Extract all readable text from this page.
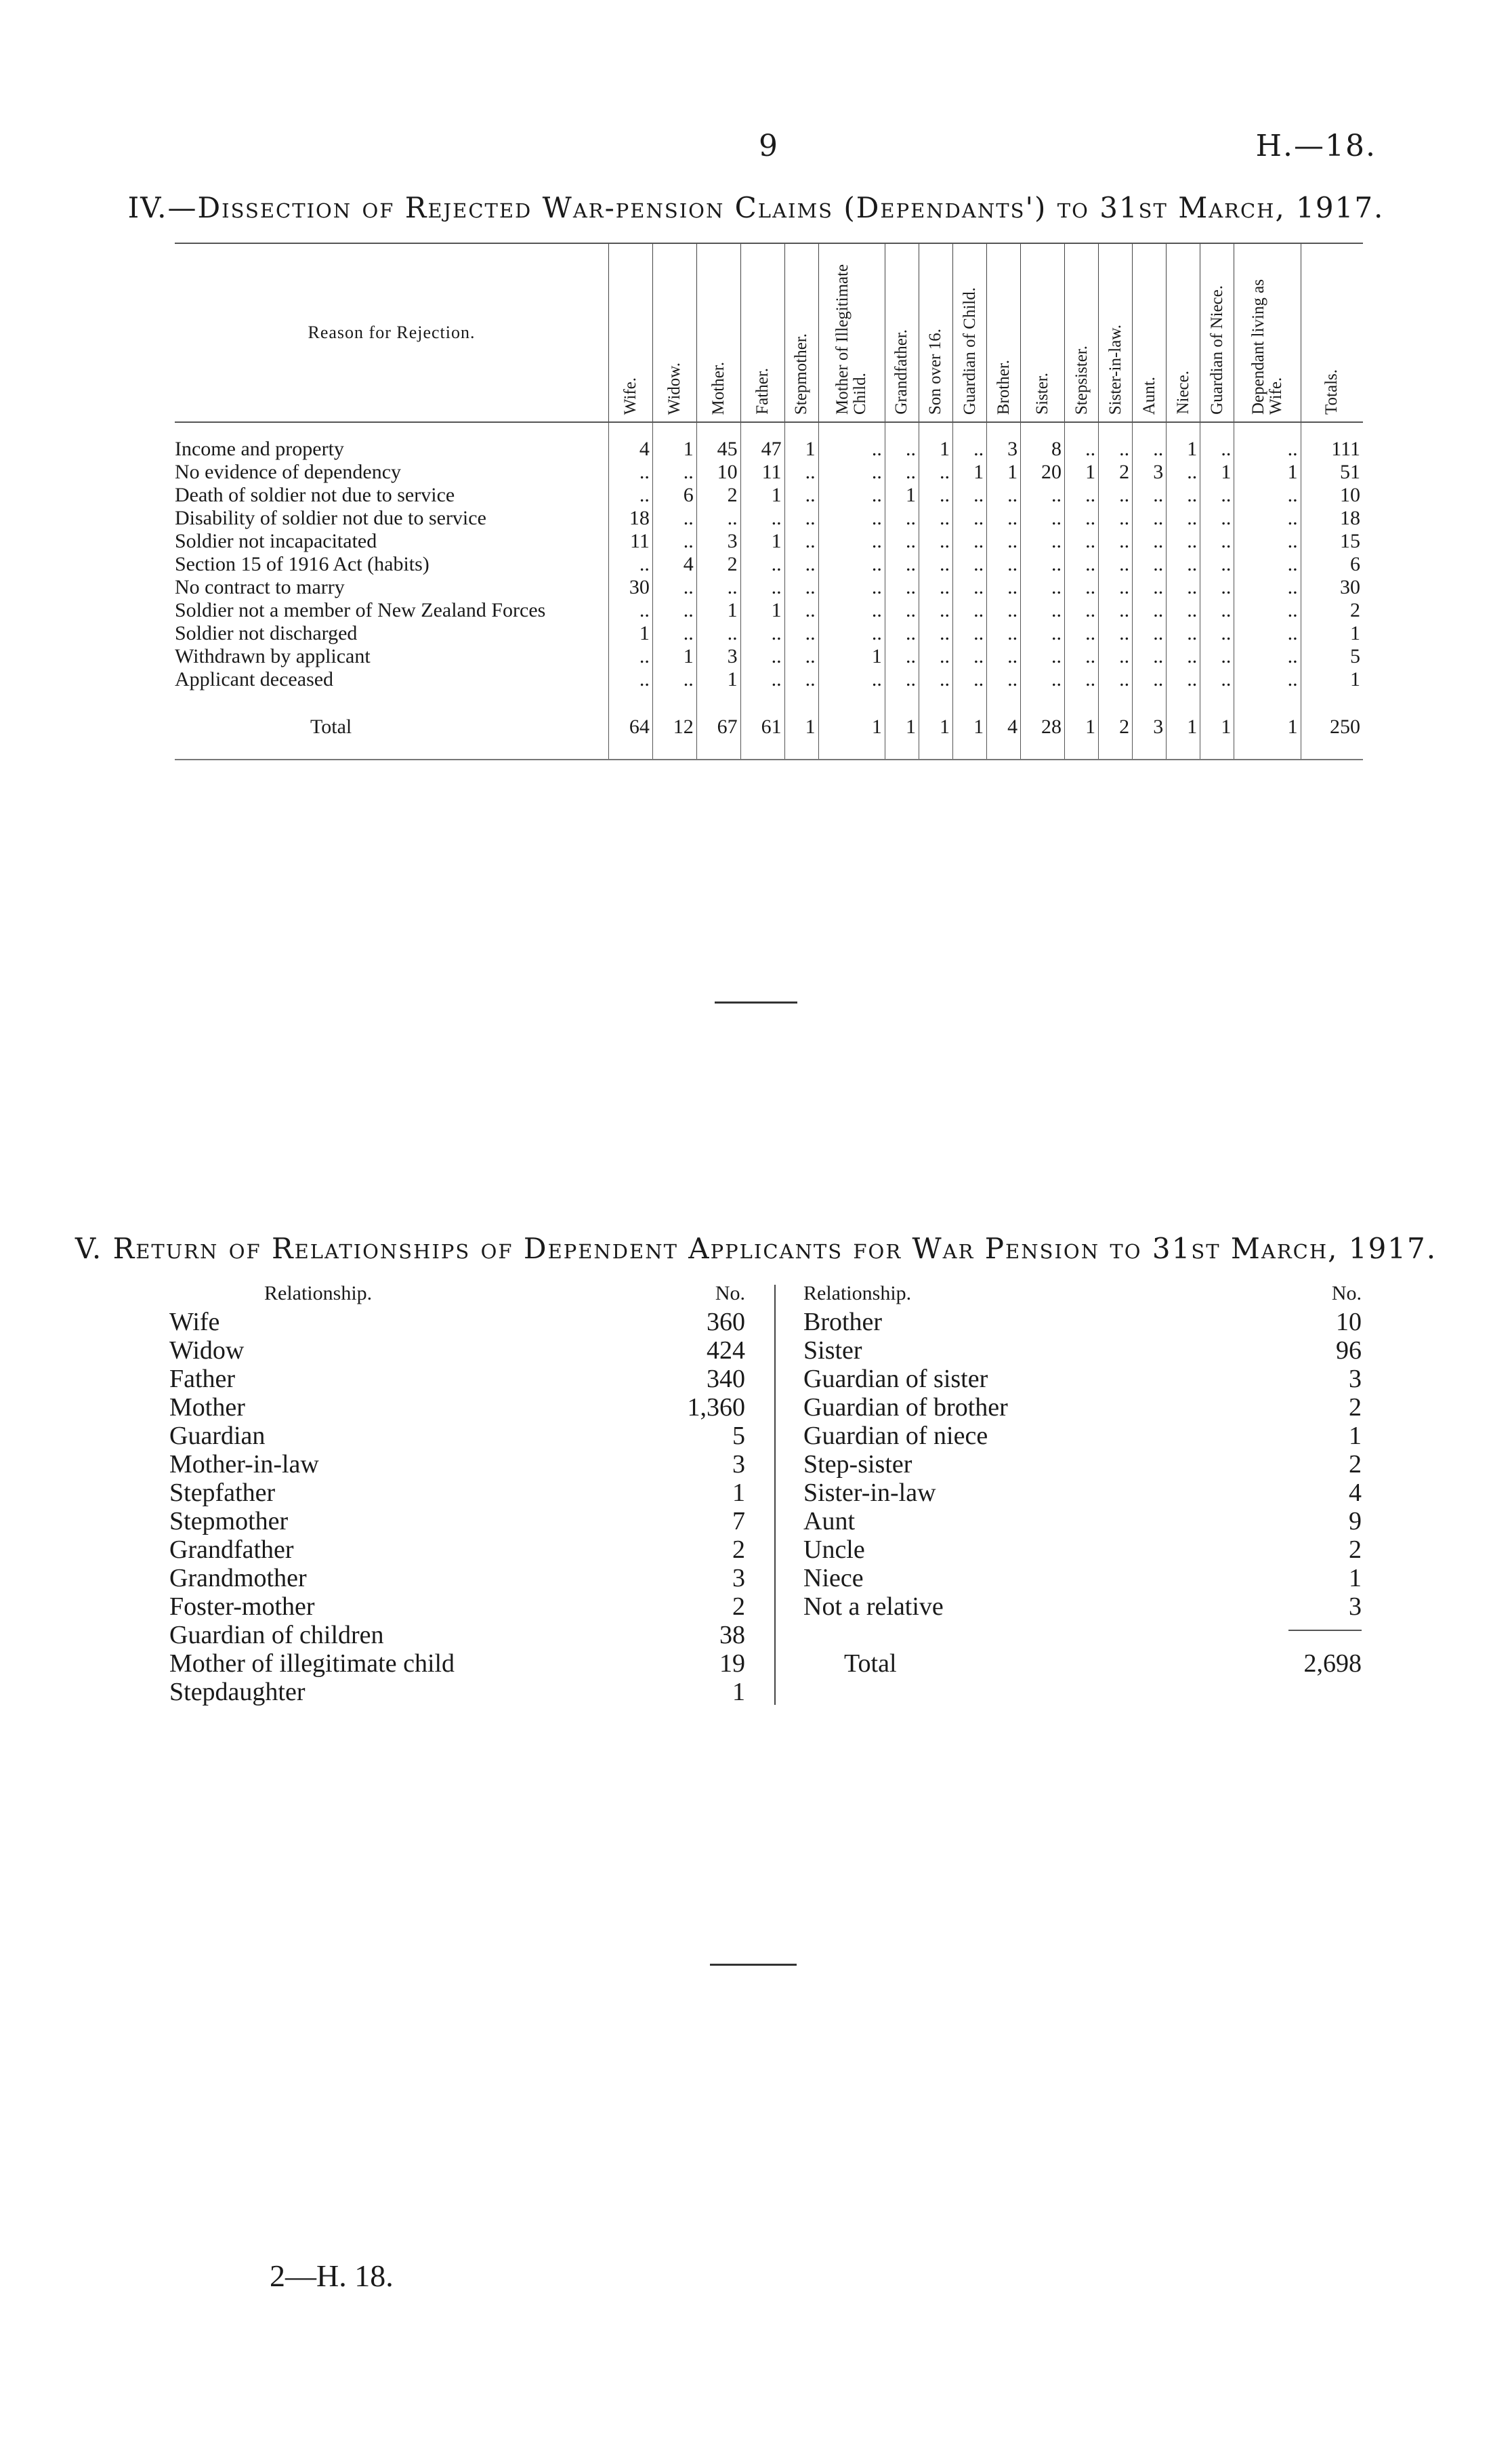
9	H.—18.
IV.—Dissection of Rejected War-pension Claims (Dependants') to 31st March, 1917.
Reason for Rejection.	Wife.	Widow.	Mother.	Father.	Stepmother.	Mother of Illegitimate Child.	Grandfather.	Son over 16.	Guardian of Child.	Brother.	Sister.	Stepsister.	Sister-in-law.	Aunt.	Niece.	Guardian of Niece.	Dependant living as Wife.	Totals.

Income and property	4	1	45	47	1	..	..	1	..	3	8	..	..	..	1	..	..	111
No evidence of dependency	..	..	10	11	..	..	..	..	1	1	20	1	2	3	..	1	1	51
Death of soldier not due to service	..	6	2	1	..	..	1	..	..	..	..	..	..	..	..	..	..	10
Disability of soldier not due to service	18	..	..	..	..	..	..	..	..	..	..	..	..	..	..	..	..	18
Soldier not incapacitated	11	..	3	1	..	..	..	..	..	..	..	..	..	..	..	..	..	15
Section 15 of 1916 Act (habits)	..	4	2	..	..	..	..	..	..	..	..	..	..	..	..	..	..	6
No contract to marry	30	..	..	..	..	..	..	..	..	..	..	..	..	..	..	..	..	30
Soldier not a member of New Zealand Forces	..	..	1	1	..	..	..	..	..	..	..	..	..	..	..	..	..	2
Soldier not discharged	1	..	..	..	..	..	..	..	..	..	..	..	..	..	..	..	..	1
Withdrawn by applicant	..	1	3	..	..	1	..	..	..	..	..	..	..	..	..	..	..	5
Applicant deceased	..	..	1	..	..	..	..	..	..	..	..	..	..	..	..	..	..	1
Total	64	12	67	61	1	1	1	1	1	4	28	1	2	3	1	1	1	250
V. Return of Relationships of Dependent Applicants for War Pension to 31st March, 1917.
Relationship.	No.
Wife	360
Widow	424
Father	340
Mother	1,360
Guardian	5
Mother-in-law	3
Stepfather	1
Stepmother	7
Grandfather	2
Grandmother	3
Foster-mother	2
Guardian of children	38
Mother of illegitimate child	19
Stepdaughter	1
Relationship.	No.
Brother	10
Sister	96
Guardian of sister	3
Guardian of brother	2
Guardian of niece	1
Step-sister	2
Sister-in-law	4
Aunt	9
Uncle	2
Niece	1
Not a relative	3
Total	2,698
2—H. 18.
